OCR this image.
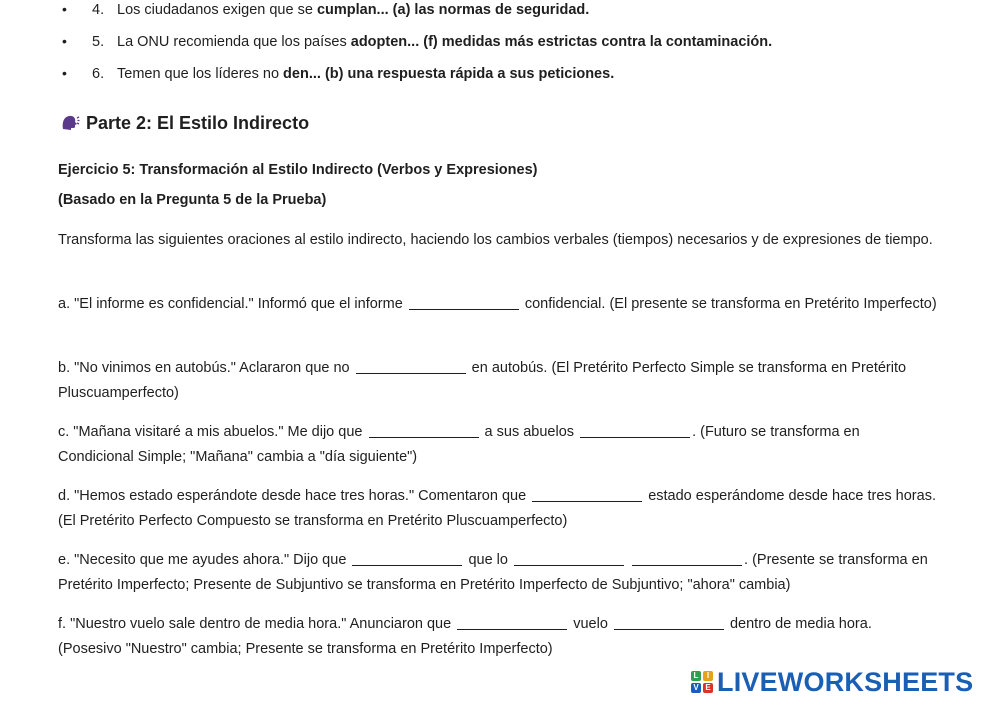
• 4. Los ciudadanos exigen que se cumplan... (a) las normas de seguridad.
• 5. La ONU recomienda que los países adopten... (f) medidas más estrictas contra la contaminación.
• 6. Temen que los líderes no den... (b) una respuesta rápida a sus peticiones.
Parte 2: El Estilo Indirecto
Ejercicio 5: Transformación al Estilo Indirecto (Verbos y Expresiones)
(Basado en la Pregunta 5 de la Prueba)
Transforma las siguientes oraciones al estilo indirecto, haciendo los cambios verbales (tiempos) necesarios y de expresiones de tiempo.
a. "El informe es confidencial." Informó que el informe	confidencial. (El presente se transforma en Pretérito Imperfecto)
b. "No vinimos en autobús." Aclararon que no	en autobús. (El Pretérito Perfecto Simple se transforma en Pretérito Pluscuamperfecto)
c. "Mañana visitaré a mis abuelos." Me dijo que	a sus abuelos	. (Futuro se transforma en Condicional Simple; "Mañana" cambia a "día siguiente")
d. "Hemos estado esperándote desde hace tres horas." Comentaron que	estado esperándome desde hace tres horas. (El Pretérito Perfecto Compuesto se transforma en Pretérito Pluscuamperfecto)
e. "Necesito que me ayudes ahora." Dijo que	que lo	. (Presente se transforma en Pretérito Imperfecto; Presente de Subjuntivo se transforma en Pretérito Imperfecto de Subjuntivo; "ahora" cambia)
f. "Nuestro vuelo sale dentro de media hora." Anunciaron que	vuelo	dentro de media hora. (Posesivo "Nuestro" cambia; Presente se transforma en Pretérito Imperfecto)
L	I
V E LIVEWORKSHEETS
